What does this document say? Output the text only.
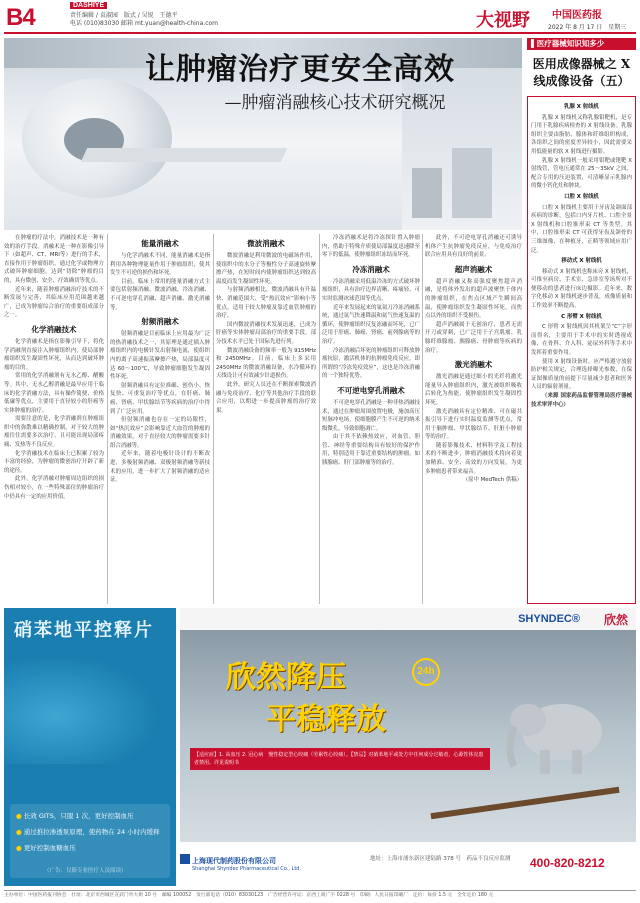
B4	DASHIYE
责任编辑 / 袁淑园　版式 / 吴锐　王德平
电话 (010)83030 邮箱 mt.yuan@health-china.com	大视野 中国医药报
2022 年 8 月 17 日　星期三
让肿瘤治疗更安全高效
—肿瘤消融核心技术研究概况

在肿瘤的疗法中，消融技术是一种有效的治疗手段。消融术是一种在影像引导下（如超声、CT、MRI等）进行的手术，直接作用于肿瘤组织，通过化学或物理方式破坏肿瘤细胞，达到“切除”肿瘤的目的，具有微创、安全、疗效确切等优点。

近年来，随着肿瘤消融治疗技术的不断发展与完善，其临床应用范围越来越广，已成为肿瘤综合治疗的重要组成部分之一。

化学消融技术

化学消融术是指在影像引导下，将化学消融剂直接注入肿瘤组织内，使局部肿瘤组织发生凝固性坏死，从而达到破坏肿瘤的目的。

常用的化学消融剂有无水乙醇、醋酸等。其中，无水乙醇消融是最早应用于临床的化学消融方法，具有操作简便、价格低廉等优点，主要用于直径较小的肝癌等实体肿瘤的治疗。

需要注意的是，化学消融剂在肿瘤组织中的弥散难以精确控制，对于较大的肿瘤往往需要多次治疗，且可能出现局部疼痛、发热等不良反应。

化学消融技术在临床上已积累了较为丰富的经验，为肿瘤的微创治疗开辟了新的途径。

此外，化学消融对肿瘤周边组织的损伤相对较小，在一些特殊部位的肿瘤治疗中仍具有一定的应用价值。

能量消融术

与化学消融术不同，能量消融术是指利用各种物理能量作用于肿瘤组织，使其发生不可逆的损伤和坏死。

目前，临床上常用的能量消融方式主要包括射频消融、微波消融、冷冻消融、不可逆电穿孔消融、超声消融、激光消融等。

射频消融术

射频消融是目前临床上应用最为广泛的热消融技术之一，其原理是通过插入肿瘤组织内的电极针发出射频电流，使组织内的离子高速振荡摩擦产热，局部温度可达 60～100℃，导致肿瘤细胞发生凝固性坏死。

射频消融具有定位准确、创伤小、恢复快、可重复治疗等优点，在肝癌、肺癌、肾癌、甲状腺结节等疾病的治疗中得到了广泛应用。

但射频消融也存在一定的局限性，如“热沉效应”会影响靠近大血管的肿瘤的消融效果，对于直径较大的肿瘤需要多针组合消融等。

近年来，随着电极针设计的不断改进，多极射频消融、双极射频消融等新技术的应用，进一步扩大了射频消融的适应证。

微波消融术

微波消融是利用微波的电磁场作用，使组织中的水分子等极性分子高速旋转摩擦产热，在短时间内使肿瘤组织达到较高温度而发生凝固性坏死。

与射频消融相比，微波消融具有升温快、消融范围大、受“热沉效应”影响小等优点，适用于较大肿瘤及靠近血管肿瘤的治疗。

国内微波消融技术发展迅速，已成为肝癌等实体肿瘤局部治疗的重要手段，部分技术水平已处于国际先进行列。

微波消融设备的频率一般为 915MHz 和 2450MHz。目前，临床上多采用 2450MHz 的微波消融设备，水冷循环的天线设计可有效减少针道损伤。

此外，研究人员还在不断探索微波消融与免疫治疗、化疗等其他治疗手段的联合应用，以期进一步提高肿瘤的治疗效果。

冷冻消融术是将冷冻探针置入肿瘤内，借助于特殊介质使局部温度迅速降至零下的低温，使肿瘤组织冻结而坏死。

冷冻消融术

冷冻消融采用低温冷冻的方式破坏肿瘤组织，具有治疗边界清晰、疼痛轻、可实时监测冰球范围等优点。

近年来发展起来的氩氦刀冷冻消融系统，通过氩气快速降温和氦气快速复温的循环，使肿瘤组织反复冻融而坏死，已广泛用于肝癌、肺癌、肾癌、前列腺癌等的治疗。

冷冻消融后坏死的肿瘤组织可释放肿瘤抗原，激活机体的抗肿瘤免疫反应，即所谓的“冷冻免疫效应”，这也是冷冻消融的一个独特优势。

不可逆电穿孔消融术

不可逆电穿孔消融是一种非热消融技术，通过在肿瘤周围放置电极，施加高压短脉冲电场，使细胞膜产生不可逆的纳米级微孔，导致细胞凋亡。

由于其不依赖热效应，对血管、胆管、神经等重要结构具有较好的保护作用，特别适用于靠近重要结构的肿瘤，如胰腺癌、肝门部肿瘤等的治疗。

此外，不可逆电穿孔消融还可诱导机体产生抗肿瘤免疫反应，与免疫治疗联合应用具有良好的前景。

超声消融术

超声消融又称高强度聚焦超声消融，是将体外发出的超声波聚焦于体内的肿瘤组织，在焦点区域产生瞬间高温，使肿瘤组织发生凝固性坏死，而焦点以外的组织不受损伤。

超声消融属于无创治疗，患者无需开刀或穿刺，已广泛用于子宫肌瘤、乳腺纤维腺瘤、胰腺癌、骨肿瘤等疾病的治疗。

激光消融术

激光消融是通过细小的光纤将激光能量导入肿瘤组织内，激光被组织吸收后转化为热能，使肿瘤组织发生凝固性坏死。

激光消融具有定位精准、可在磁共振引导下进行实时温度监测等优点，常用于脑肿瘤、甲状腺结节、肝脏小肿瘤等的治疗。

随着影像技术、材料科学及工程技术的不断进步，肿瘤消融技术将向着更加精准、安全、高效的方向发展，为更多肿瘤患者带来福音。

（原中 MedTech 供稿）

▌医疗器械知识知多少
医用成像器械之 X 线成像设备（五）

乳腺 X 射线机

乳腺 X 射线机又称乳腺钼靶机，是专门用于乳腺疾病检查的 X 射线设备。乳腺组织主要由脂肪、腺体和纤维组织构成，各组织之间的密度差异较小，因此需要采用低能量的软 X 射线进行摄影。

乳腺 X 射线机一般采用钼靶或铑靶 X 射线管，管电压通常在 25～35kV 之间，配合专用的压迫装置，可清晰显示乳腺内的微小钙化灶和肿块。

口腔 X 射线机

口腔 X 射线机主要用于牙齿及颌面部疾病的诊断，包括口内牙片机、口腔全景 X 射线机和口腔锥形束 CT 等类型。其中，口腔锥形束 CT 可获得牙齿及颌骨的三维图像，在种植牙、正畸等领域应用广泛。

移动式 X 射线机

移动式 X 射线机也称床旁 X 射线机，可推至病房、手术室、急诊室等场所对不便移动的患者进行床边摄影。近年来，数字化移动 X 射线机逐步普及，成像质量和工作效率不断提高。

C 形臂 X 射线机

C 形臂 X 射线机因其机架呈“C”字形而得名，主要用于手术中的实时透视成像，在骨科、介入科、泌尿外科等手术中发挥着重要作用。

使用 X 射线设备时，应严格遵守放射防护相关规定，合理选择曝光参数，在保证图像质量的前提下尽量减少患者和医务人员的辐射剂量。

（来源 国家药品监督管理局医疗器械技术审评中心）

硝苯地平控释片
● 长效 GITS，只服 1 次，更好控制血压
● 通过推拉渗透泵原理，使药物在 24 小时内缓释
● 更好控制血糖血压
（广告：仅限专业医疗人员阅读）
SHYNDEC® 欣然
欣然降压	24h
平稳释放
【适应症】1. 高血压 2. 冠心病　慢性稳定型心绞痛（劳累性心绞痛）。【禁忌】对硝苯地平或处方中任何成分过敏者，心源性休克患者禁用。详见说明书
上海现代制药股份有限公司
Shanghai Shyndec Pharmaceutical Co., Ltd.
地址：上海市浦东新区建陆路 378 号　药品不良反应监测	400-820-8212
主办单位：中国医药报刊协会　社址：北京市西城区宣武门外大街 10 号　邮编 100052　发行部电话（010）83030123　广告经营许可证：京西工商广字 0228 号　印刷：人民日报印刷厂　定价：每份 1.5 元　全年定价 180 元
